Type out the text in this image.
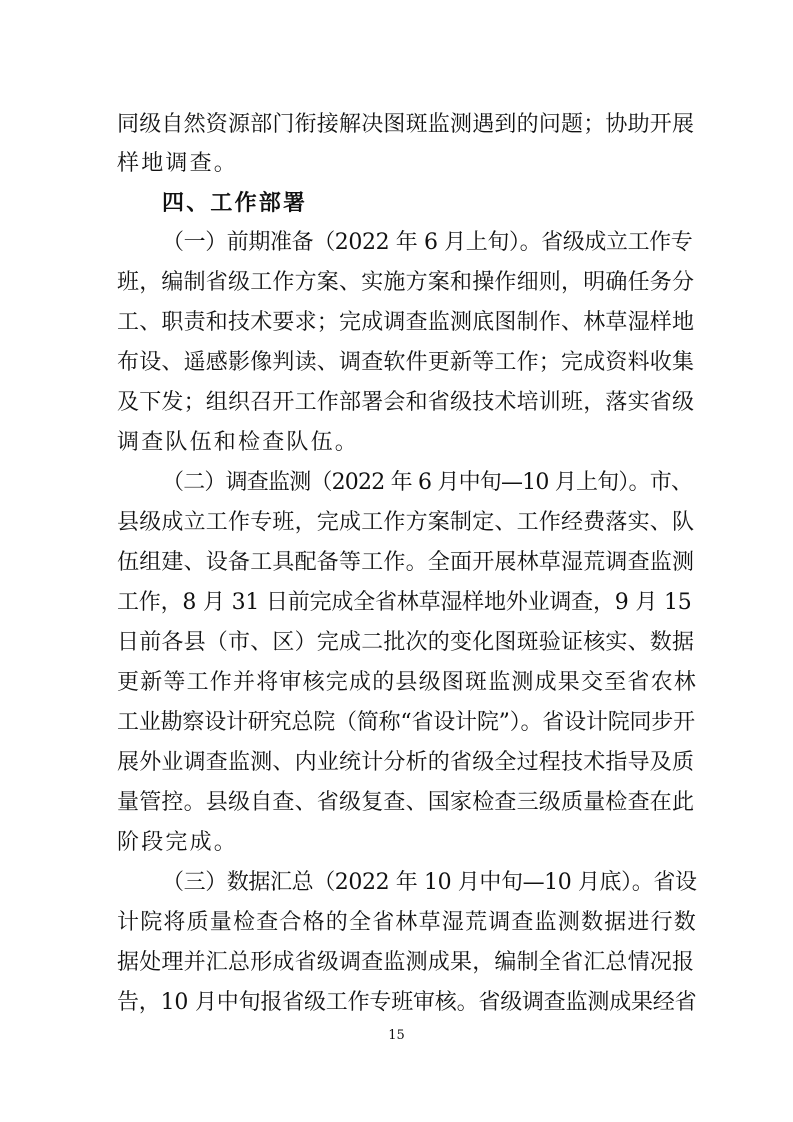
同级自然资源部门衔接解决图斑监测遇到的问题；协助开展
样地调查。
四、工作部署
（一）前期准备（2022 年 6 月上旬）。省级成立工作专
班，编制省级工作方案、实施方案和操作细则，明确任务分
工、职责和技术要求；完成调查监测底图制作、林草湿样地
布设、遥感影像判读、调查软件更新等工作；完成资料收集
及下发；组织召开工作部署会和省级技术培训班，落实省级
调查队伍和检查队伍。
（二）调查监测（2022 年 6 月中旬—10 月上旬）。市、
县级成立工作专班，完成工作方案制定、工作经费落实、队
伍组建、设备工具配备等工作。全面开展林草湿荒调查监测
工作，8 月 31 日前完成全省林草湿样地外业调查，9 月 15
日前各县（市、区）完成二批次的变化图斑验证核实、数据
更新等工作并将审核完成的县级图斑监测成果交至省农林
工业勘察设计研究总院（简称“省设计院”）。省设计院同步开
展外业调查监测、内业统计分析的省级全过程技术指导及质
量管控。县级自查、省级复查、国家检查三级质量检查在此
阶段完成。
（三）数据汇总（2022 年 10 月中旬—10 月底）。省设
计院将质量检查合格的全省林草湿荒调查监测数据进行数
据处理并汇总形成省级调查监测成果，编制全省汇总情况报
告，10 月中旬报省级工作专班审核。省级调查监测成果经省
15
